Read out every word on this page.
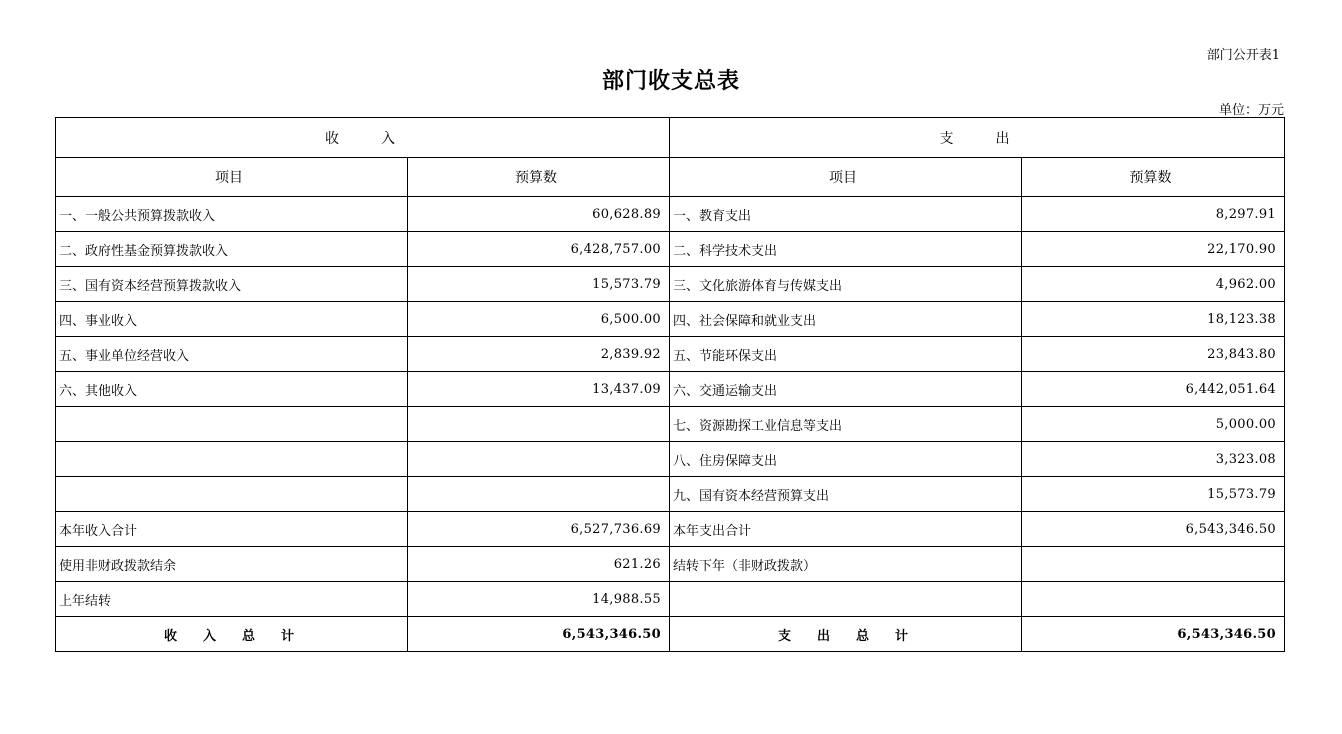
部门公开表1
部门收支总表
单位：万元
收　　　入		支　　　出	
项目	预算数	项目	预算数
一、一般公共预算拨款收入	60,628.89	一、教育支出	8,297.91
二、政府性基金预算拨款收入	6,428,757.00	二、科学技术支出	22,170.90
三、国有资本经营预算拨款收入	15,573.79	三、文化旅游体育与传媒支出	4,962.00
四、事业收入	6,500.00	四、社会保障和就业支出	18,123.38
五、事业单位经营收入	2,839.92	五、节能环保支出	23,843.80
六、其他收入	13,437.09	六、交通运输支出	6,442,051.64
		七、资源勘探工业信息等支出	5,000.00
		八、住房保障支出	3,323.08
		九、国有资本经营预算支出	15,573.79
本年收入合计	6,527,736.69	本年支出合计	6,543,346.50
使用非财政拨款结余	621.26	结转下年（非财政拨款）	
上年结转	14,988.55		
收　　入　　总　　计	6,543,346.50	支　　出　　总　　计	6,543,346.50
